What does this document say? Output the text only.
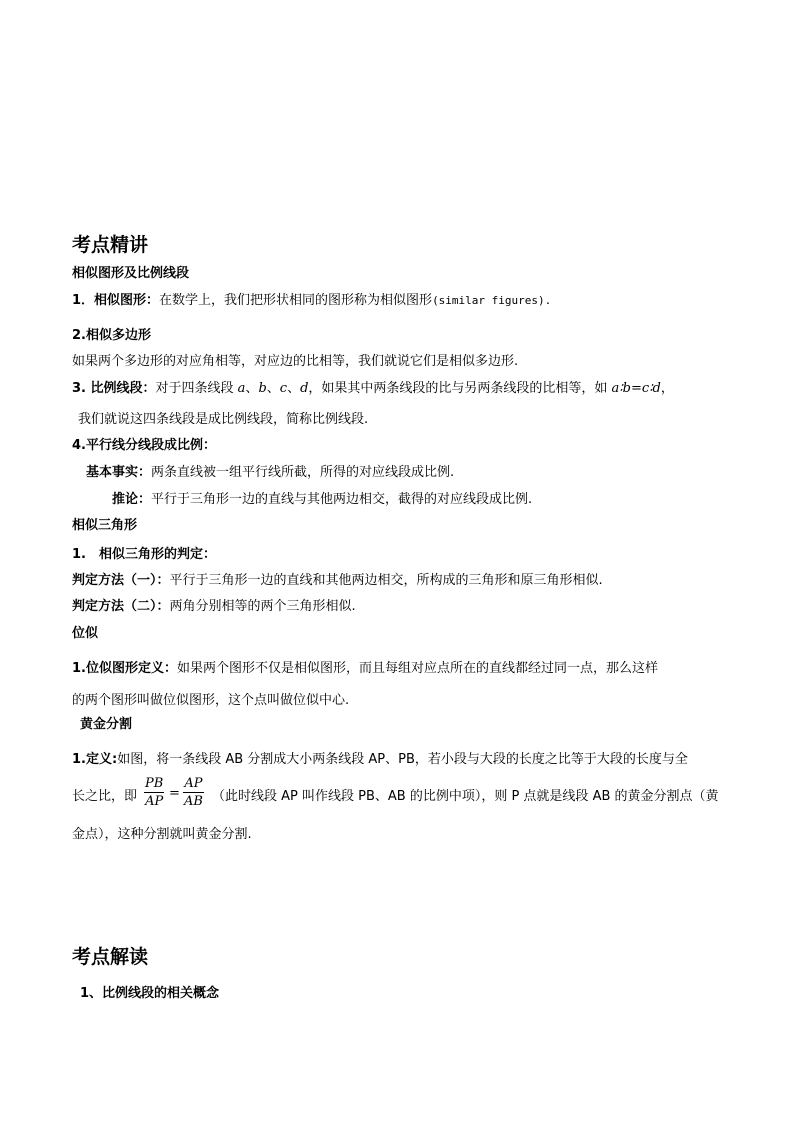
考点精讲
相似图形及比例线段
1．相似图形：在数学上，我们把形状相同的图形称为相似图形(similar figures).
2.相似多边形
如果两个多边形的对应角相等，对应边的比相等，我们就说它们是相似多边形.
3. 比例线段：对于四条线段 a、b、c、d，如果其中两条线段的比与另两条线段的比相等，如 a∶b=c∶d，
我们就说这四条线段是成比例线段，简称比例线段.
4.平行线分线段成比例：
基本事实：两条直线被一组平行线所截，所得的对应线段成比例.
推论：平行于三角形一边的直线与其他两边相交，截得的对应线段成比例.
相似三角形
1.　相似三角形的判定：
判定方法（一）：平行于三角形一边的直线和其他两边相交，所构成的三角形和原三角形相似.
判定方法（二）：两角分别相等的两个三角形相似.
位似
1.位似图形定义：如果两个图形不仅是相似图形，而且每组对应点所在的直线都经过同一点，那么这样
的两个图形叫做位似图形，这个点叫做位似中心.
黄金分割
1.定义:如图，将一条线段 AB 分割成大小两条线段 AP、PB，若小段与大段的长度之比等于大段的长度与全
长之比，即
PB
AP
=
AP
AB （此时线段 AP 叫作线段 PB、AB 的比例中项），则 P 点就是线段 AB 的黄金分割点（黄
金点），这种分割就叫黄金分割.
考点解读
1、比例线段的相关概念
